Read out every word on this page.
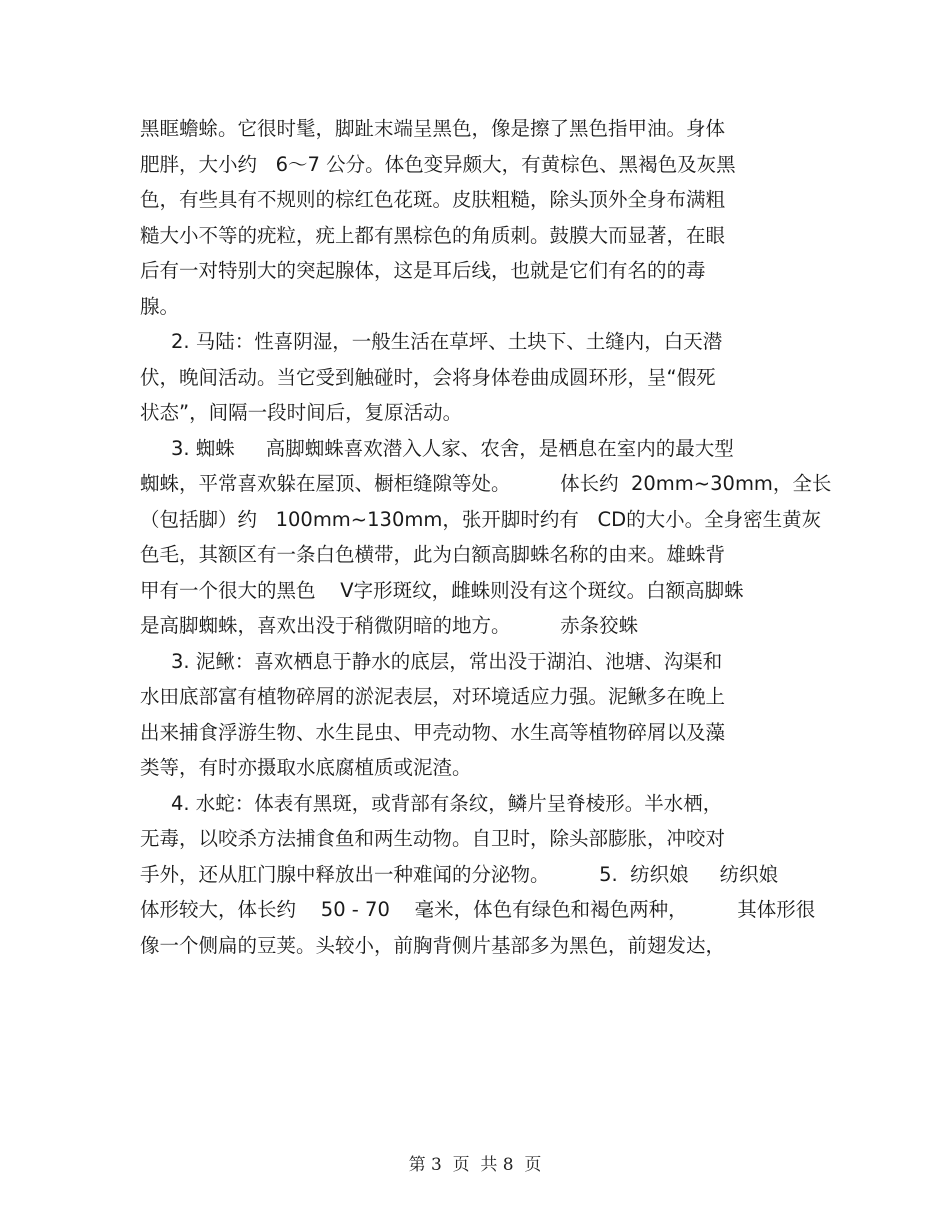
黑眶蟾蜍。它很时髦，脚趾末端呈黑色，像是擦了黑色指甲油。身体
肥胖，大小约   6～7 公分。体色变异颇大，有黄棕色、黑褐色及灰黑
色，有些具有不规则的棕红色花斑。皮肤粗糙，除头顶外全身布满粗
糙大小不等的疣粒，疣上都有黑棕色的角质刺。鼓膜大而显著，在眼
后有一对特别大的突起腺体，这是耳后线，也就是它们有名的的毒
腺。
2. 马陆：性喜阴湿，一般生活在草坪、土块下、土缝内，白天潜
伏，晚间活动。当它受到触碰时，会将身体卷曲成圆环形，呈“假死
状态”，间隔一段时间后，复原活动。
3. 蜘蛛     高脚蜘蛛喜欢潜入人家、农舍，是栖息在室内的最大型
蜘蛛，平常喜欢躲在屋顶、橱柜缝隙等处。        体长约  20mm~30mm，全长
（包括脚）约   100mm~130mm，张开脚时约有   CD的大小。全身密生黄灰
色毛，其额区有一条白色横带，此为白额高脚蛛名称的由来。雄蛛背
甲有一个很大的黑色    V字形斑纹，雌蛛则没有这个斑纹。白额高脚蛛
是高脚蜘蛛，喜欢出没于稍微阴暗的地方。        赤条狡蛛
3. 泥鳅：喜欢栖息于静水的底层，常出没于湖泊、池塘、沟渠和
水田底部富有植物碎屑的淤泥表层，对环境适应力强。泥鳅多在晚上
出来捕食浮游生物、水生昆虫、甲壳动物、水生高等植物碎屑以及藻
类等，有时亦摄取水底腐植质或泥渣。
4. 水蛇：体表有黑斑，或背部有条纹，鳞片呈脊棱形。半水栖，
无毒，以咬杀方法捕食鱼和两生动物。自卫时，除头部膨胀，冲咬对
手外，还从肛门腺中释放出一种难闻的分泌物。        5.  纺织娘     纺织娘
体形较大，体长约    50 - 70    毫米，体色有绿色和褐色两种，        其体形很
像一个侧扁的豆荚。头较小，前胸背侧片基部多为黑色，前翅发达，
第 3  页  共 8  页
